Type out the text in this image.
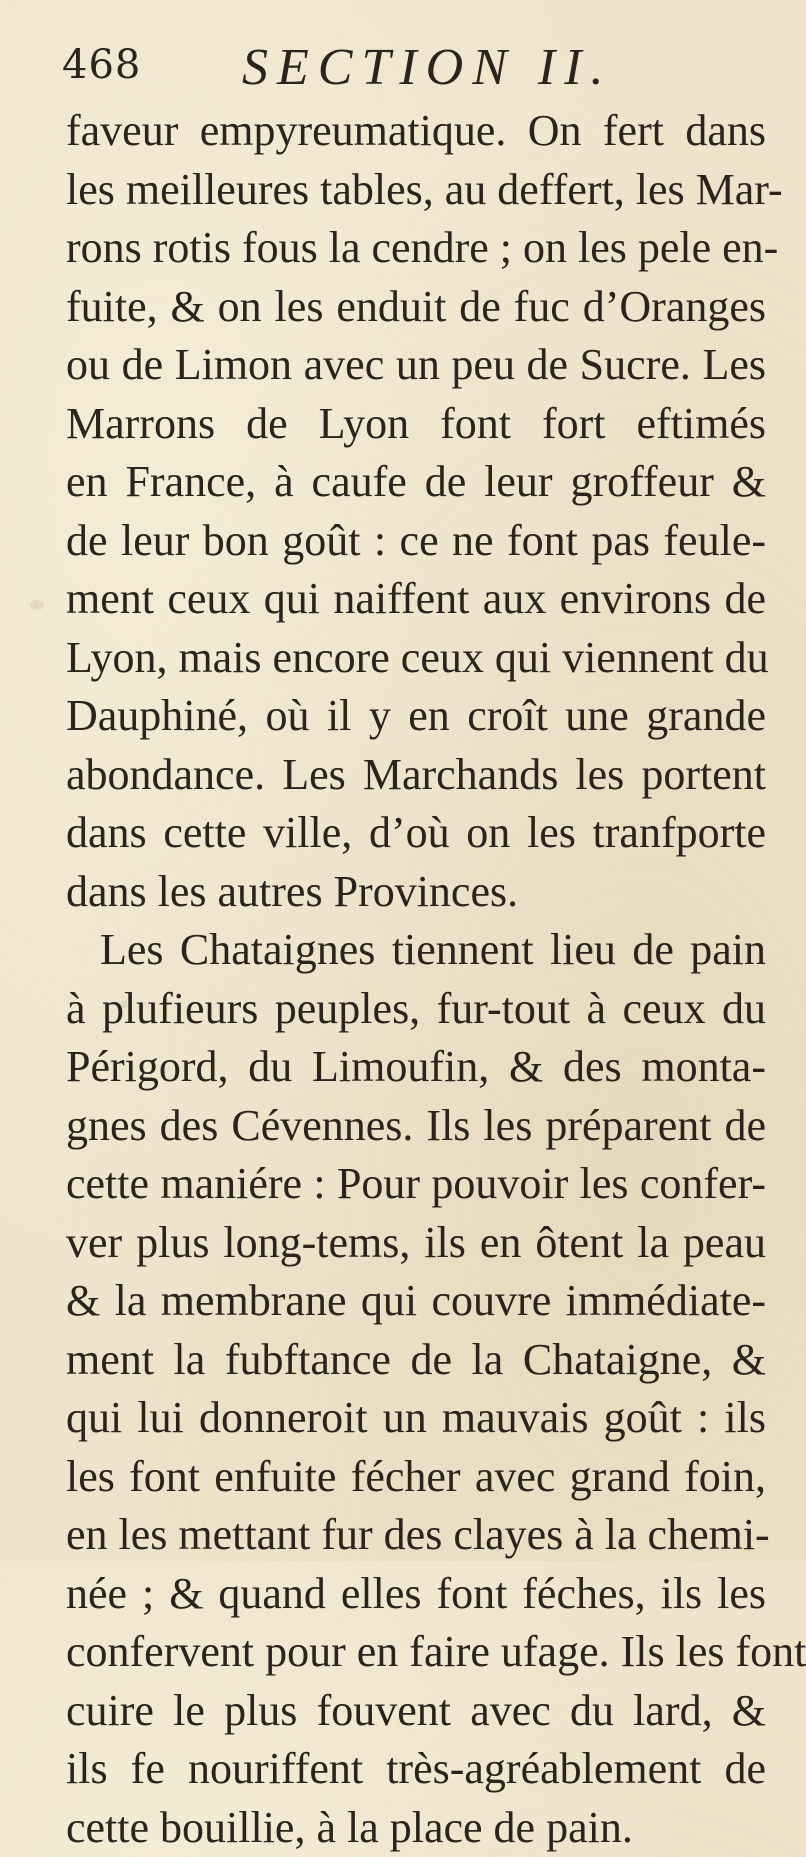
468 SECTION II.
faveur empyreumatique. On fert dans
les meilleures tables, au deffert, les Mar-
rons rotis fous la cendre ; on les pele en-
fuite, & on les enduit de fuc d’Oranges
ou de Limon avec un peu de Sucre. Les
Marrons de Lyon font fort eftimés
en France, à caufe de leur groffeur &
de leur bon goût : ce ne font pas feule-
ment ceux qui naiffent aux environs de
Lyon, mais encore ceux qui viennent du
Dauphiné, où il y en croît une grande
abondance. Les Marchands les portent
dans cette ville, d’où on les tranfporte
dans les autres Provinces.
Les Chataignes tiennent lieu de pain
à plufieurs peuples, fur-tout à ceux du
Périgord, du Limoufin, & des monta-
gnes des Cévennes. Ils les préparent de
cette maniére : Pour pouvoir les confer-
ver plus long-tems, ils en ôtent la peau
& la membrane qui couvre immédiate-
ment la fubftance de la Chataigne, &
qui lui donneroit un mauvais goût : ils
les font enfuite fécher avec grand foin,
en les mettant fur des clayes à la chemi-
née ; & quand elles font féches, ils les
confervent pour en faire ufage. Ils les font
cuire le plus fouvent avec du lard, &
ils fe nouriffent très-agréablement de
cette bouillie, à la place de pain.
